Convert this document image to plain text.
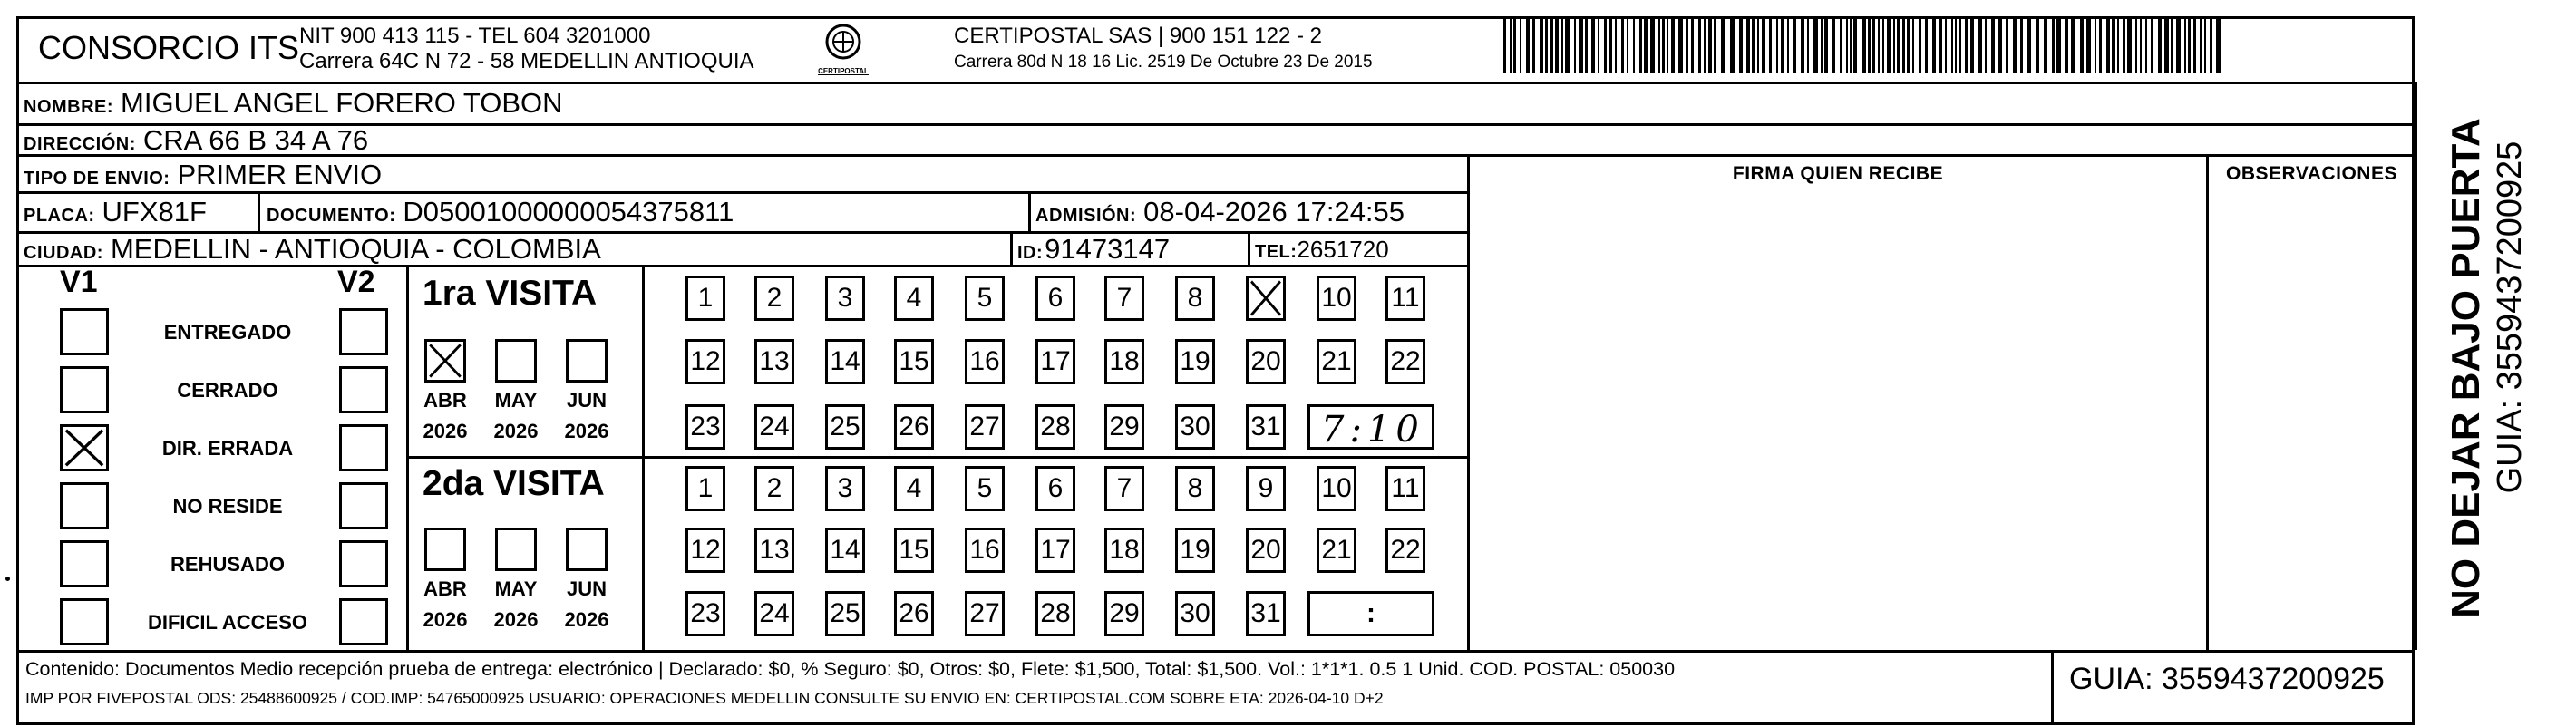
CONSORCIO ITS NIT 900 413 115 - TEL 604 3201000
Carrera 64C N 72 - 58 MEDELLIN ANTIOQUIA	CERTIPOSTAL
CERTIPOSTAL SAS | 900 151 122 - 2
Carrera 80d N 18 16 Lic. 2519 De Octubre 23 De 2015
NOMBRE: MIGUEL ANGEL FORERO TOBON
DIRECCIÓN: CRA 66 B 34 A 76
TIPO DE ENVIO: PRIMER ENVIO
PLACA: UFX81F	DOCUMENTO: D05001000000054375811	ADMISIÓN: 08-04-2026 17:24:55
CIUDAD: MEDELLIN - ANTIOQUIA - COLOMBIA	ID: 91473147	TEL: 2651720
FIRMA QUIEN RECIBE	OBSERVACIONES
V1	V2
ENTREGADO
CERRADO
DIR. ERRADA
NO RESIDE
REHUSADO
DIFICIL ACCESO
1ra VISITA
ABR
2026
MAY
2026
JUN
2026
1 2 3 4 5 6 7 8	10 11
12 13 14 15 16 17 18 19 20 21 22
23 24 25 26 27 28 29 30 31 7:10
2da VISITA
ABR
2026
MAY
2026
JUN
2026
1 2 3 4 5 6 7 8 9 10 11
12 13 14 15 16 17 18 19 20 21 22
23 24 25 26 27 28 29 30 31	:
Contenido: Documentos Medio recepción prueba de entrega: electrónico | Declarado: $0, % Seguro: $0, Otros: $0, Flete: $1,500, Total: $1,500. Vol.: 1*1*1. 0.5 1 Unid. COD. POSTAL: 050030
IMP POR FIVEPOSTAL ODS: 25488600925 / COD.IMP: 54765000925 USUARIO: OPERACIONES MEDELLIN CONSULTE SU ENVIO EN: CERTIPOSTAL.COM SOBRE ETA: 2026-04-10 D+2
GUIA: 3559437200925
NO DEJAR BAJO PUERTA GUIA: 3559437200925
